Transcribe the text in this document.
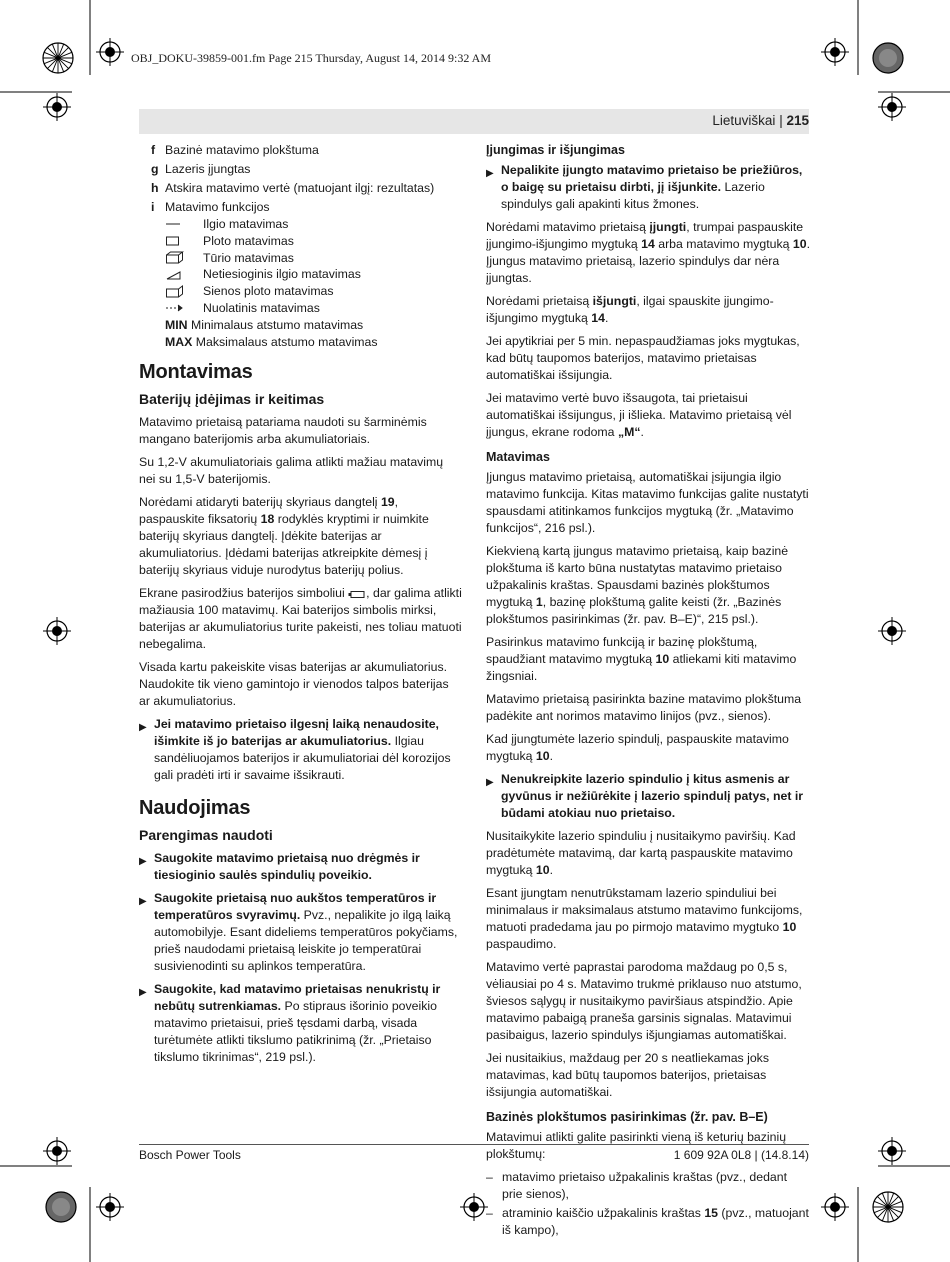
OBJ_DOKU-39859-001.fm Page 215 Thursday, August 14, 2014 9:32 AM
Lietuviškai | 215
f Bazinė matavimo plokštuma
g Lazeris įjungtas
h Atskira matavimo vertė (matuojant ilgį: rezultatas)
i Matavimo funkcijos
Ilgio matavimas
Ploto matavimas
Tūrio matavimas
Netiesioginis ilgio matavimas
Sienos ploto matavimas
Nuolatinis matavimas
MIN Minimalaus atstumo matavimas
MAX Maksimalaus atstumo matavimas
Montavimas
Baterijų įdėjimas ir keitimas

Matavimo prietaisą patariama naudoti su šarminėmis mangano baterijomis arba akumuliatoriais.

Su 1,2-V akumuliatoriais galima atlikti mažiau matavimų nei su 1,5-V baterijomis.

Norėdami atidaryti baterijų skyriaus dangtelį 19, paspauskite fiksatorių 18 rodyklės kryptimi ir nuimkite baterijų skyriaus dangtelį. Įdėkite baterijas ar akumuliatorius. Įdėdami baterijas atkreipkite dėmesį į baterijų skyriaus viduje nurodytus baterijų polius.

Ekrane pasirodžius baterijos simboliui , dar galima atlikti mažiausia 100 matavimų. Kai baterijos simbolis mirksi, baterijas ar akumuliatorius turite pakeisti, nes toliau matuoti nebegalima.

Visada kartu pakeiskite visas baterijas ar akumuliatorius. Naudokite tik vieno gamintojo ir vienodos talpos baterijas ar akumuliatorius.

▶ Jei matavimo prietaiso ilgesnį laiką nenaudosite, išimkite iš jo baterijas ar akumuliatorius. Ilgiau sandėliuojamos baterijos ir akumuliatoriai dėl korozijos gali pradėti irti ir savaime išsikrauti.
Naudojimas
Parengimas naudoti
▶ Saugokite matavimo prietaisą nuo drėgmės ir tiesioginio saulės spindulių poveikio.
▶ Saugokite prietaisą nuo aukštos temperatūros ir temperatūros svyravimų. Pvz., nepalikite jo ilgą laiką automobilyje. Esant dideliems temperatūros pokyčiams, prieš naudodami prietaisą leiskite jo temperatūrai susivienodinti su aplinkos temperatūra.
▶ Saugokite, kad matavimo prietaisas nenukristų ir nebūtų sutrenkiamas. Po stipraus išorinio poveikio matavimo prietaisui, prieš tęsdami darbą, visada turėtumėte atlikti tikslumo patikrinimą (žr. „Prietaiso tikslumo tikrinimas“, 219 psl.).
Įjungimas ir išjungimas
▶ Nepalikite įjungto matavimo prietaiso be priežiūros, o baigę su prietaisu dirbti, jį išjunkite. Lazerio spindulys gali apakinti kitus žmones.

Norėdami matavimo prietaisą įjungti, trumpai paspauskite įjungimo-išjungimo mygtuką 14 arba matavimo mygtuką 10. Įjungus matavimo prietaisą, lazerio spindulys dar nėra įjungtas.

Norėdami prietaisą išjungti, ilgai spauskite įjungimo-išjungimo mygtuką 14.

Jei apytikriai per 5 min. nepaspaudžiamas joks mygtukas, kad būtų taupomos baterijos, matavimo prietaisas automatiškai išsijungia.

Jei matavimo vertė buvo išsaugota, tai prietaisui automatiškai išsijungus, ji išlieka. Matavimo prietaisą vėl įjungus, ekrane rodoma „M“.

Matavimas

Įjungus matavimo prietaisą, automatiškai įsijungia ilgio matavimo funkcija. Kitas matavimo funkcijas galite nustatyti spausdami atitinkamos funkcijos mygtuką (žr. „Matavimo funkcijos“, 216 psl.).

Kiekvieną kartą įjungus matavimo prietaisą, kaip bazinė plokštuma iš karto būna nustatytas matavimo prietaiso užpakalinis kraštas. Spausdami bazinės plokštumos mygtuką 1, bazinę plokštumą galite keisti (žr. „Bazinės plokštumos pasirinkimas (žr. pav. B–E)“, 215 psl.).

Pasirinkus matavimo funkciją ir bazinę plokštumą, spaudžiant matavimo mygtuką 10 atliekami kiti matavimo žingsniai.

Matavimo prietaisą pasirinkta bazine matavimo plokštuma padėkite ant norimos matavimo linijos (pvz., sienos).

Kad įjungtumėte lazerio spindulį, paspauskite matavimo mygtuką 10.

▶ Nenukreipkite lazerio spindulio į kitus asmenis ar gyvūnus ir nežiūrėkite į lazerio spindulį patys, net ir būdami atokiau nuo prietaiso.

Nusitaikykite lazerio spinduliu į nusitaikymo paviršių. Kad pradėtumėte matavimą, dar kartą paspauskite matavimo mygtuką 10.

Esant įjungtam nenutrūkstamam lazerio spinduliui bei minimalaus ir maksimalaus atstumo matavimo funkcijoms, matuoti pradedama jau po pirmojo matavimo mygtuko 10 paspaudimo.

Matavimo vertė paprastai parodoma maždaug po 0,5 s, vėliausiai po 4 s. Matavimo trukmė priklauso nuo atstumo, šviesos sąlygų ir nusitaikymo paviršiaus atspindžio. Apie matavimo pabaigą praneša garsinis signalas. Matavimui pasibaigus, lazerio spindulys išjungiamas automatiškai.

Jei nusitaikius, maždaug per 20 s neatliekamas joks matavimas, kad būtų taupomos baterijos, prietaisas išsijungia automatiškai.

Bazinės plokštumos pasirinkimas (žr. pav. B–E)

Matavimui atlikti galite pasirinkti vieną iš keturių bazinių plokštumų:

– matavimo prietaiso užpakalinis kraštas (pvz., dedant prie sienos),
– atraminio kaiščio užpakalinis kraštas 15 (pvz., matuojant iš kampo),
Bosch Power Tools	1 609 92A 0L8 | (14.8.14)
